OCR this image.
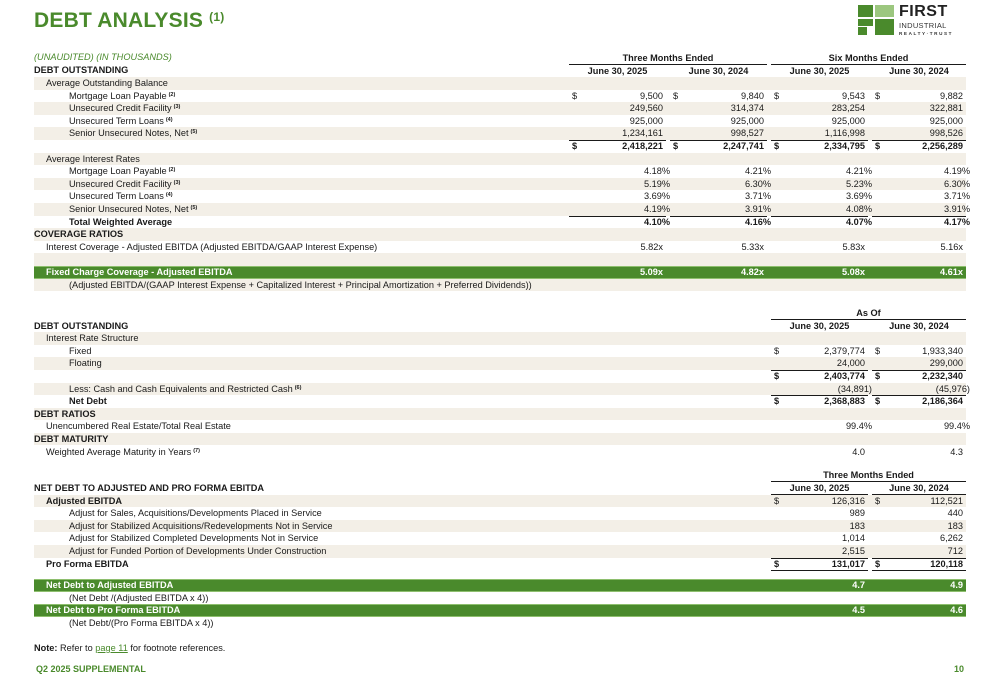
DEBT ANALYSIS $^{(1)}$	FIRST
INDUSTRIAL
REALTY·TRUST
Three Months Ended	Six Months Ended
June 30, 2025	June 30, 2024	June 30, 2025	June 30, 2024
(UNAUDITED) (IN THOUSANDS)
DEBT OUTSTANDING
Average Outstanding Balance
Mortgage Loan Payable $^{(2)}$	$	9,500 $	9,840 $	9,543 $	9,882
Unsecured Credit Facility $^{(3)}$	249,560	314,374	283,254	322,881
Unsecured Term Loans $^{(4)}$	925,000	925,000	925,000	925,000
Senior Unsecured Notes, Net $^{(5)}$	1,234,161	998,527	1,116,998	998,526
$	2,418,221 $	2,247,741 $	2,334,795 $	2,256,289
Average Interest Rates
Mortgage Loan Payable $^{(2)}$	4.18%	4.21%	4.21%	4.19%
Unsecured Credit Facility $^{(3)}$	5.19%	6.30%	5.23%	6.30%
Unsecured Term Loans $^{(4)}$	3.69%	3.71%	3.69%	3.71%
Senior Unsecured Notes, Net $^{(5)}$	4.19%	3.91%	4.08%	3.91%
Total Weighted Average	4.10%	4.16%	4.07%	4.17%
COVERAGE RATIOS
Interest Coverage - Adjusted EBITDA (Adjusted EBITDA/GAAP Interest Expense)	5.82x	5.33x	5.83x	5.16x
Fixed Charge Coverage - Adjusted EBITDA	5.09x	4.82x	5.08x	4.61x
(Adjusted EBITDA/(GAAP Interest Expense + Capitalized Interest + Principal Amortization + Preferred Dividends))
As Of
June 30, 2025	June 30, 2024
DEBT OUTSTANDING
Interest Rate Structure
Fixed	$	2,379,774 $	1,933,340
Floating	24,000	299,000
$	2,403,774 $	2,232,340
Less: Cash and Cash Equivalents and Restricted Cash $^{(6)}$	(34,891)	(45,976)
Net Debt	$	2,368,883 $	2,186,364
DEBT RATIOS
Unencumbered Real Estate/Total Real Estate	99.4%	99.4%
DEBT MATURITY
Weighted Average Maturity in Years $^{(7)}$	4.0	4.3
Three Months Ended
June 30, 2025	June 30, 2024
NET DEBT TO ADJUSTED AND PRO FORMA EBITDA
Adjusted EBITDA	$	126,316 $	112,521
Adjust for Sales, Acquisitions/Developments Placed in Service	989	440
Adjust for Stabilized Acquisitions/Redevelopments Not in Service	183	183
Adjust for Stabilized Completed Developments Not in Service	1,014	6,262
Adjust for Funded Portion of Developments Under Construction	2,515	712
Pro Forma EBITDA	$	131,017 $	120,118
Net Debt to Adjusted EBITDA	4.7	4.9
(Net Debt /(Adjusted EBITDA x 4))
Net Debt to Pro Forma EBITDA	4.5	4.6
(Net Debt/(Pro Forma EBITDA x 4))
Note: Refer to page 11 for footnote references.
Q2 2025 SUPPLEMENTAL	10
